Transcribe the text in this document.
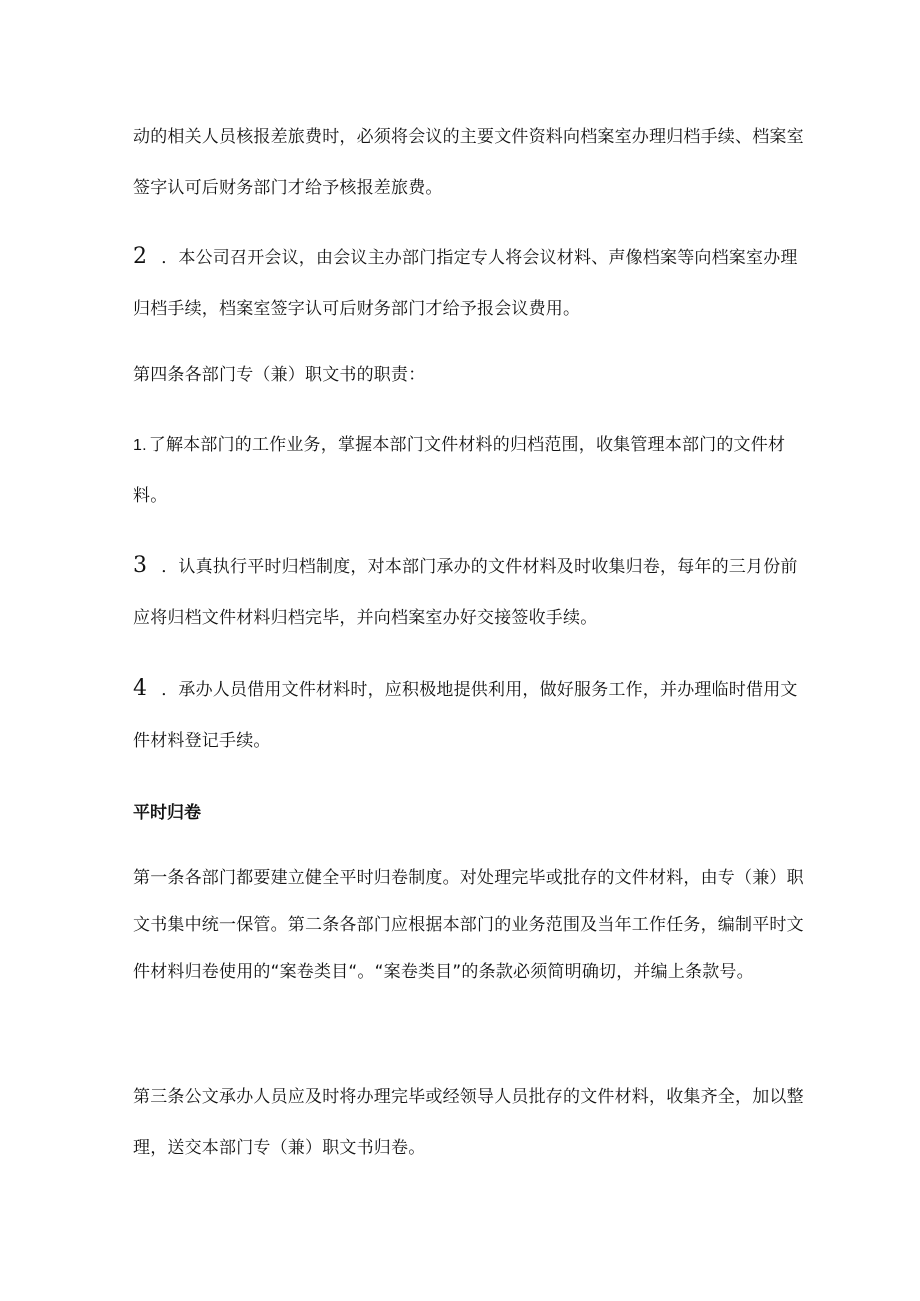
动的相关人员核报差旅费时，必须将会议的主要文件资料向档案室办理归档手续、档案室签字认可后财务部门才给予核报差旅费。
2 ．本公司召开会议，由会议主办部门指定专人将会议材料、声像档案等向档案室办理归档手续，档案室签字认可后财务部门才给予报会议费用。
第四条各部门专（兼）职文书的职责：
1. 了解本部门的工作业务，掌握本部门文件材料的归档范围，收集管理本部门的文件材料。
3 ．认真执行平时归档制度，对本部门承办的文件材料及时收集归卷，每年的三月份前应将归档文件材料归档完毕，并向档案室办好交接签收手续。
4 ．承办人员借用文件材料时，应积极地提供利用，做好服务工作，并办理临时借用文件材料登记手续。
平时归卷
第一条各部门都要建立健全平时归卷制度。对处理完毕或批存的文件材料，由专（兼）职文书集中统一保管。第二条各部门应根据本部门的业务范围及当年工作任务，编制平时文件材料归卷使用的“案卷类目“。“案卷类目”的条款必须简明确切，并编上条款号。
第三条公文承办人员应及时将办理完毕或经领导人员批存的文件材料，收集齐全，加以整理，送交本部门专（兼）职文书归卷。
